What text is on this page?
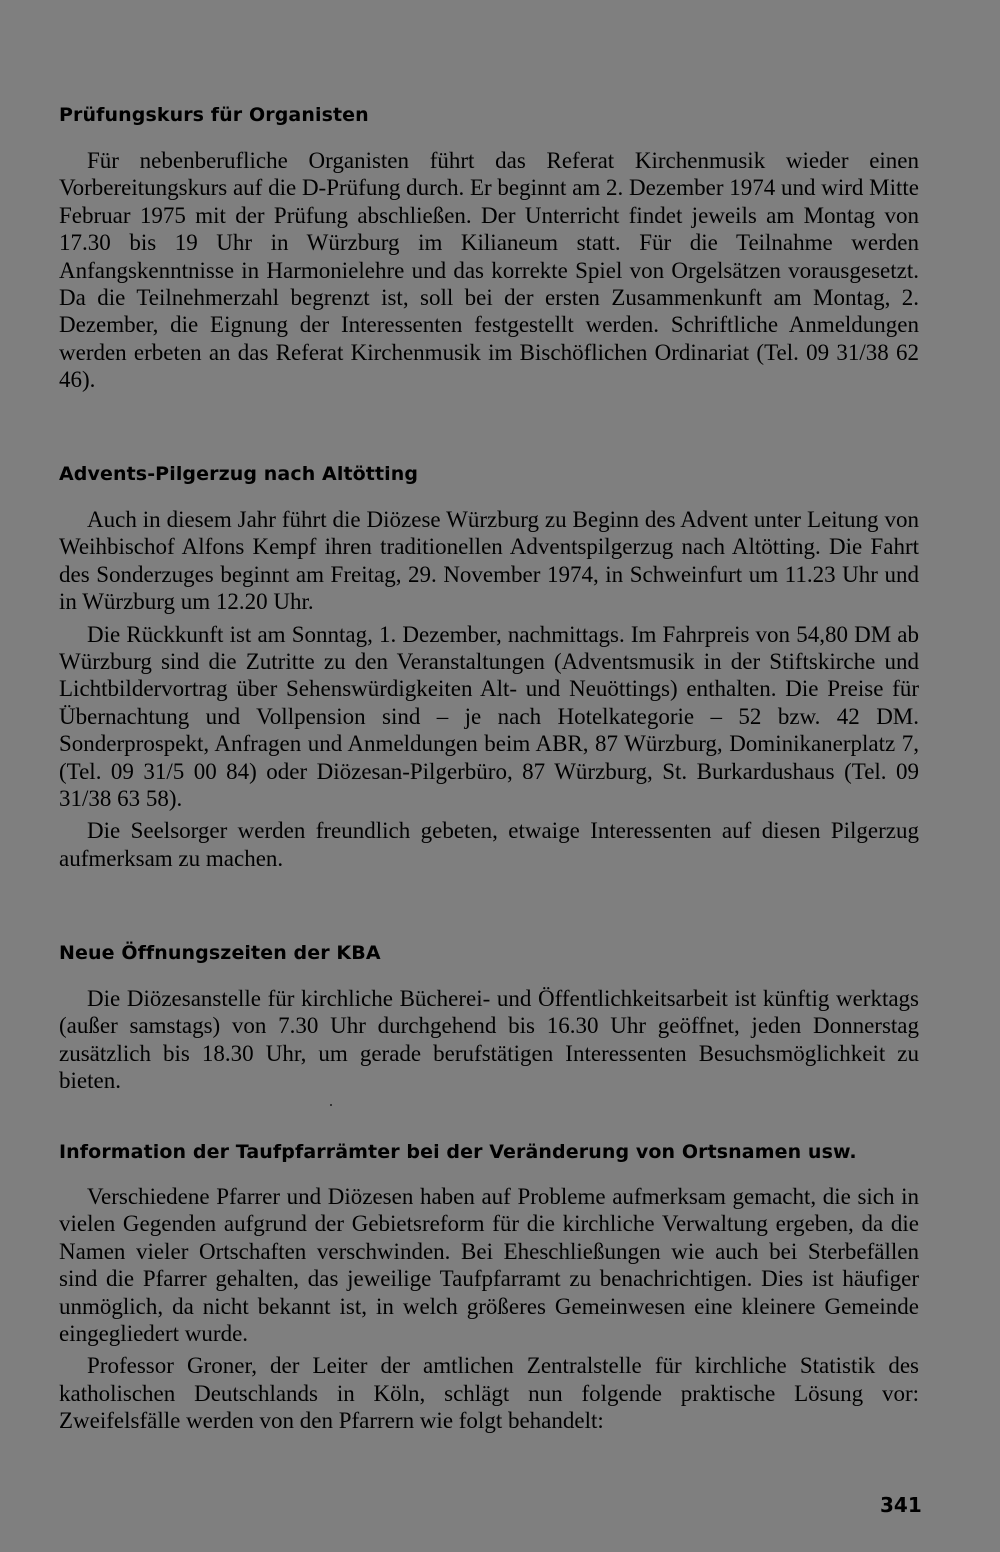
Prüfungskurs für Organisten

Für nebenberufliche Organisten führt das Referat Kirchenmusik wieder einen Vorbereitungskurs auf die D-Prüfung durch. Er beginnt am 2. Dezember 1974 und wird Mitte Februar 1975 mit der Prüfung abschließen. Der Unterricht findet jeweils am Montag von 17.30 bis 19 Uhr in Würzburg im Kilianeum statt. Für die Teilnahme werden Anfangskenntnisse in Harmonielehre und das korrekte Spiel von Orgelsätzen vorausgesetzt. Da die Teilnehmerzahl begrenzt ist, soll bei der ersten Zusammenkunft am Montag, 2. Dezember, die Eignung der Interessenten festgestellt werden. Schriftliche Anmeldungen werden erbeten an das Referat Kirchenmusik im Bischöflichen Ordinariat (Tel. 09 31/38 62 46).

Advents-Pilgerzug nach Altötting

Auch in diesem Jahr führt die Diözese Würzburg zu Beginn des Advent unter Leitung von Weihbischof Alfons Kempf ihren traditionellen Adventspilgerzug nach Altötting. Die Fahrt des Sonderzuges beginnt am Freitag, 29. November 1974, in Schweinfurt um 11.23 Uhr und in Würzburg um 12.20 Uhr.

Die Rückkunft ist am Sonntag, 1. Dezember, nachmittags. Im Fahrpreis von 54,80 DM ab Würzburg sind die Zutritte zu den Veranstaltungen (Adventsmusik in der Stiftskirche und Lichtbildervortrag über Sehenswürdigkeiten Alt- und Neuöttings) enthalten. Die Preise für Übernachtung und Vollpension sind – je nach Hotelkategorie – 52 bzw. 42 DM. Sonderprospekt, Anfragen und Anmeldungen beim ABR, 87 Würzburg, Dominikanerplatz 7, (Tel. 09 31/5 00 84) oder Diözesan-Pilgerbüro, 87 Würzburg, St. Burkardushaus (Tel. 09 31/38 63 58).

Die Seelsorger werden freundlich gebeten, etwaige Interessenten auf diesen Pilgerzug aufmerksam zu machen.

Neue Öffnungszeiten der KBA

Die Diözesanstelle für kirchliche Bücherei- und Öffentlichkeitsarbeit ist künftig werktags (außer samstags) von 7.30 Uhr durchgehend bis 16.30 Uhr geöffnet, jeden Donnerstag zusätzlich bis 18.30 Uhr, um gerade berufstätigen Interessenten Besuchsmöglichkeit zu bieten.

Information der Taufpfarrämter bei der Veränderung von Ortsnamen usw.

Verschiedene Pfarrer und Diözesen haben auf Probleme aufmerksam gemacht, die sich in vielen Gegenden aufgrund der Gebietsreform für die kirchliche Verwaltung ergeben, da die Namen vieler Ortschaften verschwinden. Bei Eheschließungen wie auch bei Sterbefällen sind die Pfarrer gehalten, das jeweilige Taufpfarramt zu benachrichtigen. Dies ist häufiger unmöglich, da nicht bekannt ist, in welch größeres Gemeinwesen eine kleinere Gemeinde eingegliedert wurde.

Professor Groner, der Leiter der amtlichen Zentralstelle für kirchliche Statistik des katholischen Deutschlands in Köln, schlägt nun folgende praktische Lösung vor: Zweifelsfälle werden von den Pfarrern wie folgt behandelt:

341
